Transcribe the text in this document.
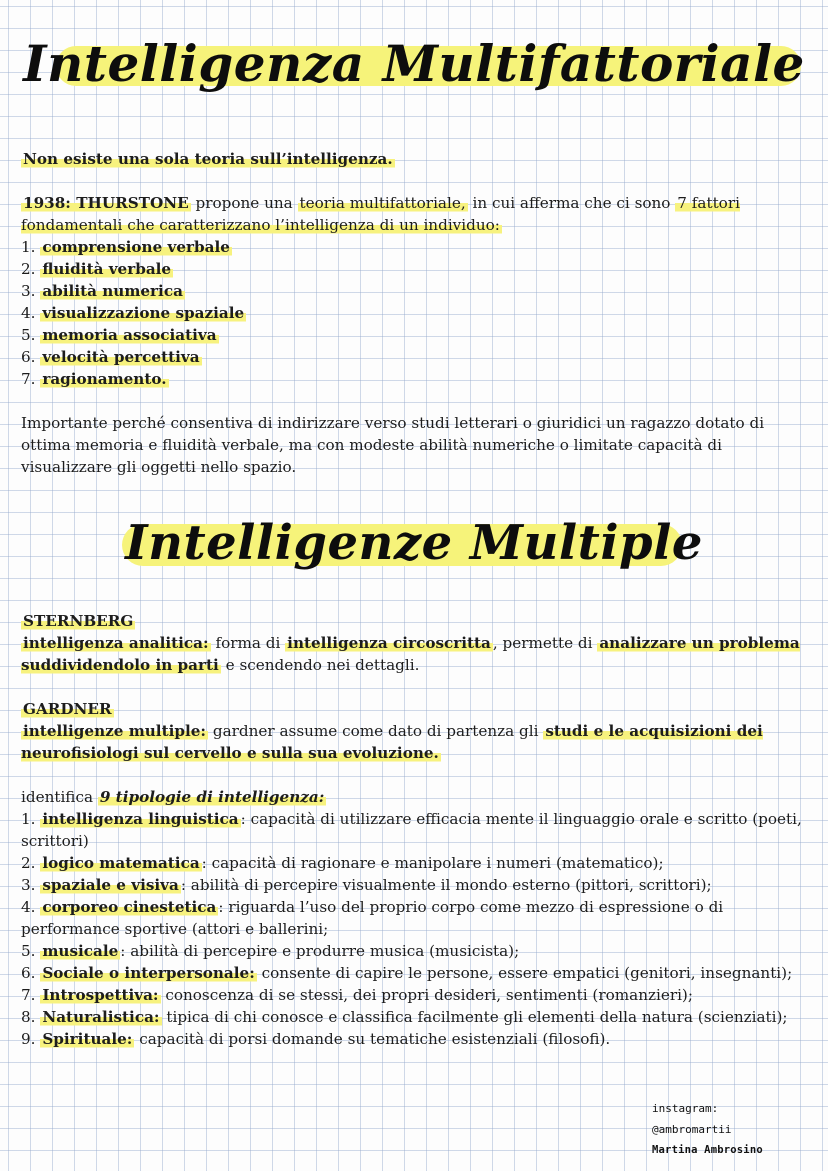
Intelligenza Multifattoriale

Non esiste una sola teoria sull’intelligenza.

1938: THURSTONE propone una teoria multifattoriale, in cui afferma che ci sono 7 fattori fondamentali che caratterizzano l’intelligenza di un individuo:

1. comprensione verbale

2. fluidità verbale

3. abilità numerica

4. visualizzazione spaziale

5. memoria associativa

6. velocità percettiva

7. ragionamento.

Importante perché consentiva di indirizzare verso studi letterari o giuridici un ragazzo dotato di ottima memoria e fluidità verbale, ma con modeste abilità numeriche o limitate capacità di visualizzare gli oggetti nello spazio.

Intelligenze Multiple

STERNBERG

intelligenza analitica: forma di intelligenza circoscritta , permette di analizzare un problema suddividendolo in parti e scendendo nei dettagli.

GARDNER

intelligenze multiple: gardner assume come dato di partenza gli studi e le acquisizioni dei neurofisiologi sul cervello e sulla sua evoluzione.

identifica 9 tipologie di intelligenza:

1. intelligenza linguistica : capacità di utilizzare efficacia mente il linguaggio orale e scritto (poeti, scrittori)

2. logico matematica : capacità di ragionare e manipolare i numeri (matematico);

3. spaziale e visiva : abilità di percepire visualmente il mondo esterno (pittori, scrittori);

4. corporeo cinestetica : riguarda l’uso del proprio corpo come mezzo di espressione o di performance sportive (attori e ballerini;

5. musicale : abilità di percepire e produrre musica (musicista);

6. Sociale o interpersonale: consente di capire le persone, essere empatici (genitori, insegnanti);

7. Introspettiva: conoscenza di se stessi, dei propri desideri, sentimenti (romanzieri);

8. Naturalistica: tipica di chi conosce e classifica facilmente gli elementi della natura (scienziati);

9. Spirituale: capacità di porsi domande su tematiche esistenziali (filosofi).

instagram:
@ambromartii
Martina Ambrosino
